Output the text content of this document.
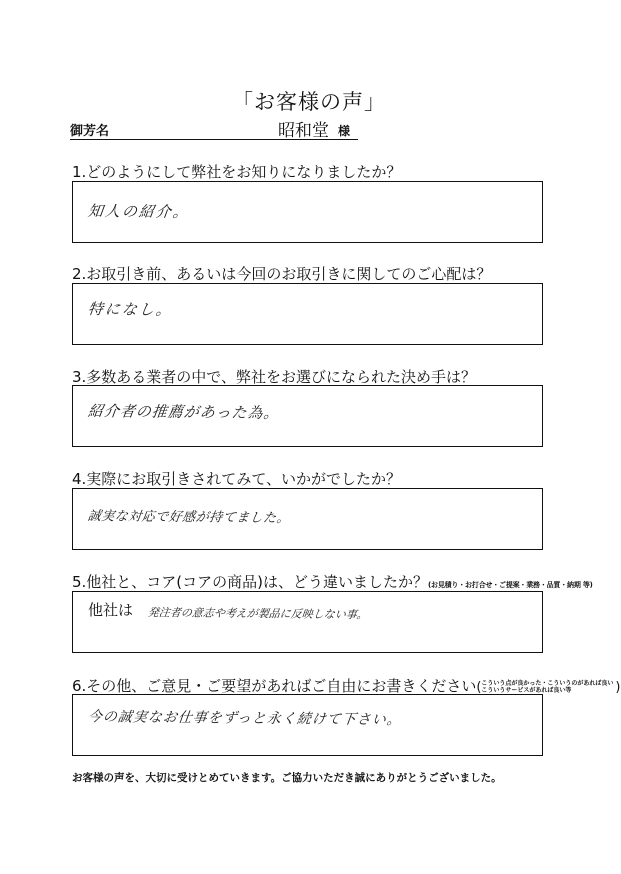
「お客様の声」
御芳名	昭和堂 様
1.どのようにして弊社をお知りになりましたか？
知人の紹介。
2.お取引き前、あるいは今回のお取引きに関してのご心配は？
特になし。
3.多数ある業者の中で、弊社をお選びになられた決め手は？
紹介者の推薦があった為。
4.実際にお取引きされてみて、いかがでしたか？
誠実な対応で好感が持てました。
5.他社と、コア(コアの商品)は、どう違いましたか？(お見積り・お打合せ・ご提案・業務・品質・納期 等)
他社は 発注者の意志や考えが製品に反映しない事。
6.その他、ご意見・ご要望があればご自由にお書きください(こういう点が良かった・こういうのがあれば良い
こういうサービスがあれば良い等	)
今の誠実なお仕事をずっと永く続けて下さい。
お客様の声を、大切に受けとめていきます。ご協力いただき誠にありがとうございました。
